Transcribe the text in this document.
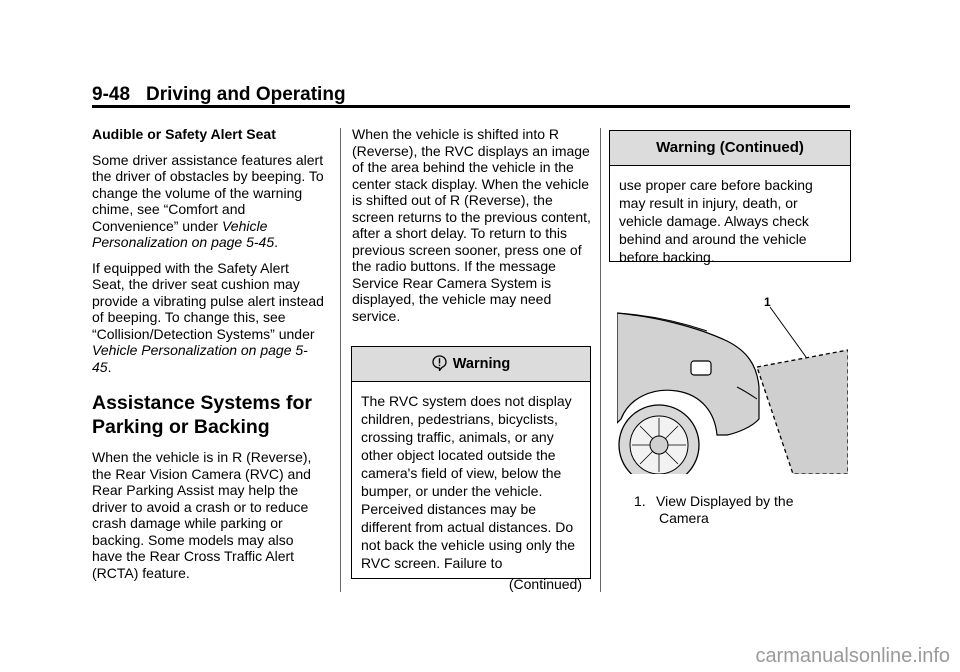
9-48 Driving and Operating

Audible or Safety Alert Seat

Some driver assistance features alert the driver of obstacles by beeping. To change the volume of the warning chime, see “Comfort and Convenience” under Vehicle Personalization on page 5-45.

If equipped with the Safety Alert Seat, the driver seat cushion may provide a vibrating pulse alert instead of beeping. To change this, see “Collision/Detection Systems” under Vehicle Personalization on page 5-45.

Assistance Systems for Parking or Backing

When the vehicle is in R (Reverse), the Rear Vision Camera (RVC) and Rear Parking Assist may help the driver to avoid a crash or to reduce crash damage while parking or backing. Some models may also have the Rear Cross Traffic Alert (RCTA) feature.

When the vehicle is shifted into R (Reverse), the RVC displays an image of the area behind the vehicle in the center stack display. When the vehicle is shifted out of R (Reverse), the screen returns to the previous content, after a short delay. To return to this previous screen sooner, press one of the radio buttons. If the message Service Rear Camera System is displayed, the vehicle may need service.

Warning
The RVC system does not display children, pedestrians, bicyclists, crossing traffic, animals, or any other object located outside the camera's field of view, below the bumper, or under the vehicle. Perceived distances may be different from actual distances. Do not back the vehicle using only the RVC screen. Failure to
(Continued)
Warning (Continued)
use proper care before backing may result in injury, death, or vehicle damage. Always check behind and around the vehicle before backing.
1
1. View Displayed by the
Camera
carmanualsonline.info
